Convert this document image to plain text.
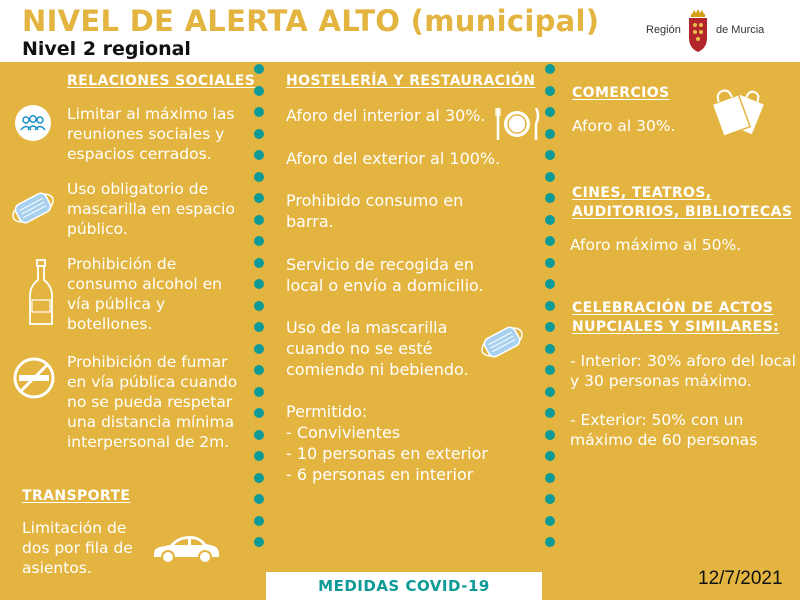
NIVEL DE ALERTA ALTO (municipal)
Nivel 2 regional
Región	de Murcia
RELACIONES SOCIALES
Limitar al máximo las reuniones sociales y espacios cerrados.
Uso obligatorio de mascarilla en espacio público.
Prohibición de consumo alcohol en vía pública y botellones.
Prohibición de fumar en vía pública cuando no se pueda respetar una distancia mínima interpersonal de 2m.
TRANSPORTE
Limitación de dos por fila de asientos.
HOSTELERÍA Y RESTAURACIÓN
Aforo del interior al 30%.
Aforo del exterior al 100%.
Prohibido consumo en barra.
Servicio de recogida en local o envío a domicilio.
Uso de la mascarilla cuando no se esté comiendo ni bebiendo.
Permitido:
- Convivientes
- 10 personas en exterior
- 6 personas en interior
COMERCIOS
Aforo al 30%.
CINES, TEATROS,
AUDITORIOS, BIBLIOTECAS
Aforo máximo al 50%.
CELEBRACIÓN DE ACTOS
NUPCIALES Y SIMILARES:
- Interior: 30% aforo del local y 30 personas máximo.
- Exterior: 50% con un máximo de 60 personas
MEDIDAS COVID-19	12/7/2021
